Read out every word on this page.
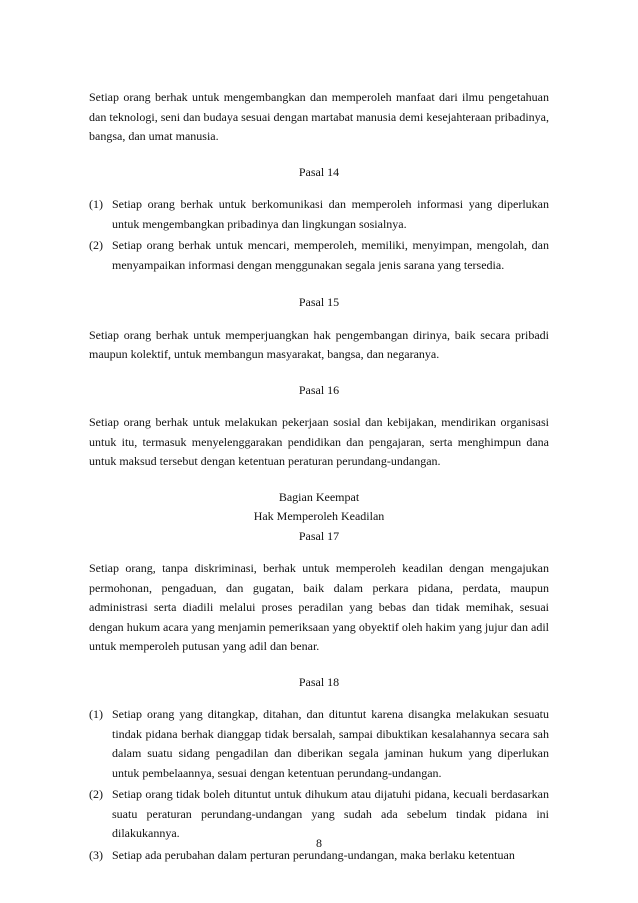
Setiap orang berhak untuk mengembangkan dan memperoleh manfaat dari ilmu pengetahuan dan teknologi, seni dan budaya sesuai dengan martabat manusia demi kesejahteraan pribadinya, bangsa, dan umat manusia.

Pasal 14

(1) Setiap orang berhak untuk berkomunikasi dan memperoleh informasi yang diperlukan untuk mengembangkan pribadinya dan lingkungan sosialnya.
(2) Setiap orang berhak untuk mencari, memperoleh, memiliki, menyimpan, mengolah, dan menyampaikan informasi dengan menggunakan segala jenis sarana yang tersedia.

Pasal 15

Setiap orang berhak untuk memperjuangkan hak pengembangan dirinya, baik secara pribadi maupun kolektif, untuk membangun masyarakat, bangsa, dan negaranya.

Pasal 16

Setiap orang berhak untuk melakukan pekerjaan sosial dan kebijakan, mendirikan organisasi untuk itu, termasuk menyelenggarakan pendidikan dan pengajaran, serta menghimpun dana untuk maksud tersebut dengan ketentuan peraturan perundang-undangan.

Bagian Keempat

Hak Memperoleh Keadilan

Pasal 17

Setiap orang, tanpa diskriminasi, berhak untuk memperoleh keadilan dengan mengajukan permohonan, pengaduan, dan gugatan, baik dalam perkara pidana, perdata, maupun administrasi serta diadili melalui proses peradilan yang bebas dan tidak memihak, sesuai dengan hukum acara yang menjamin pemeriksaan yang obyektif oleh hakim yang jujur dan adil untuk memperoleh putusan yang adil dan benar.

Pasal 18

(1) Setiap orang yang ditangkap, ditahan, dan dituntut karena disangka melakukan sesuatu tindak pidana berhak dianggap tidak bersalah, sampai dibuktikan kesalahannya secara sah dalam suatu sidang pengadilan dan diberikan segala jaminan hukum yang diperlukan untuk pembelaannya, sesuai dengan ketentuan perundang-undangan.
(2) Setiap orang tidak boleh dituntut untuk dihukum atau dijatuhi pidana, kecuali berdasarkan suatu peraturan perundang-undangan yang sudah ada sebelum tindak pidana ini dilakukannya.
(3) Setiap ada perubahan dalam perturan perundang-undangan, maka berlaku ketentuan
8
